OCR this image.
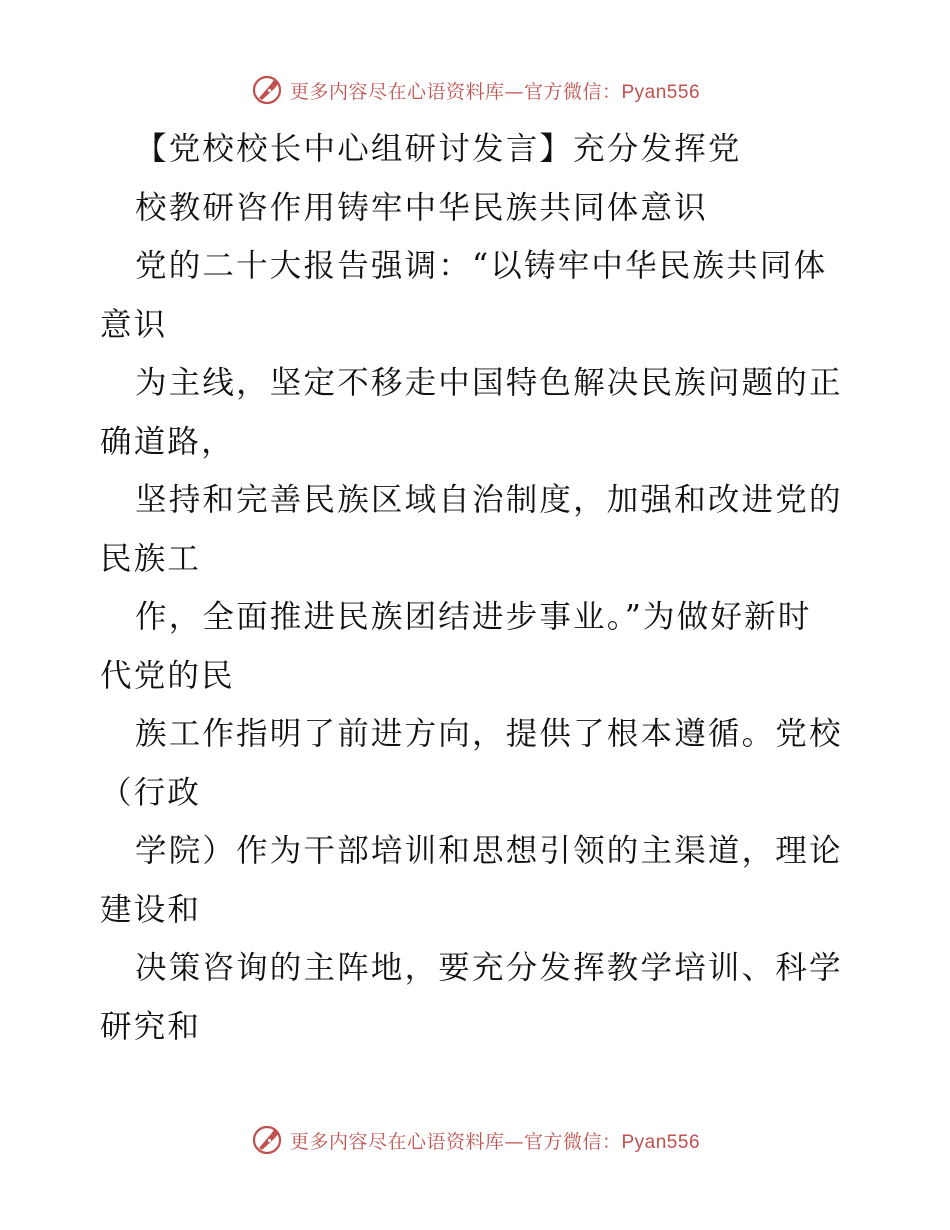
更多内容尽在心语资料库—官方微信：Pyan556
【党校校长中心组研讨发言】充分发挥党
校教研咨作用铸牢中华民族共同体意识
党的二十大报告强调：“以铸牢中华民族共同体
意识
为主线，坚定不移走中国特色解决民族问题的正
确道路，
坚持和完善民族区域自治制度，加强和改进党的
民族工
作，全面推进民族团结进步事业。”为做好新时
代党的民
族工作指明了前进方向，提供了根本遵循。党校
（行政
学院）作为干部培训和思想引领的主渠道，理论
建设和
决策咨询的主阵地，要充分发挥教学培训、科学
研究和
更多内容尽在心语资料库—官方微信：Pyan556
